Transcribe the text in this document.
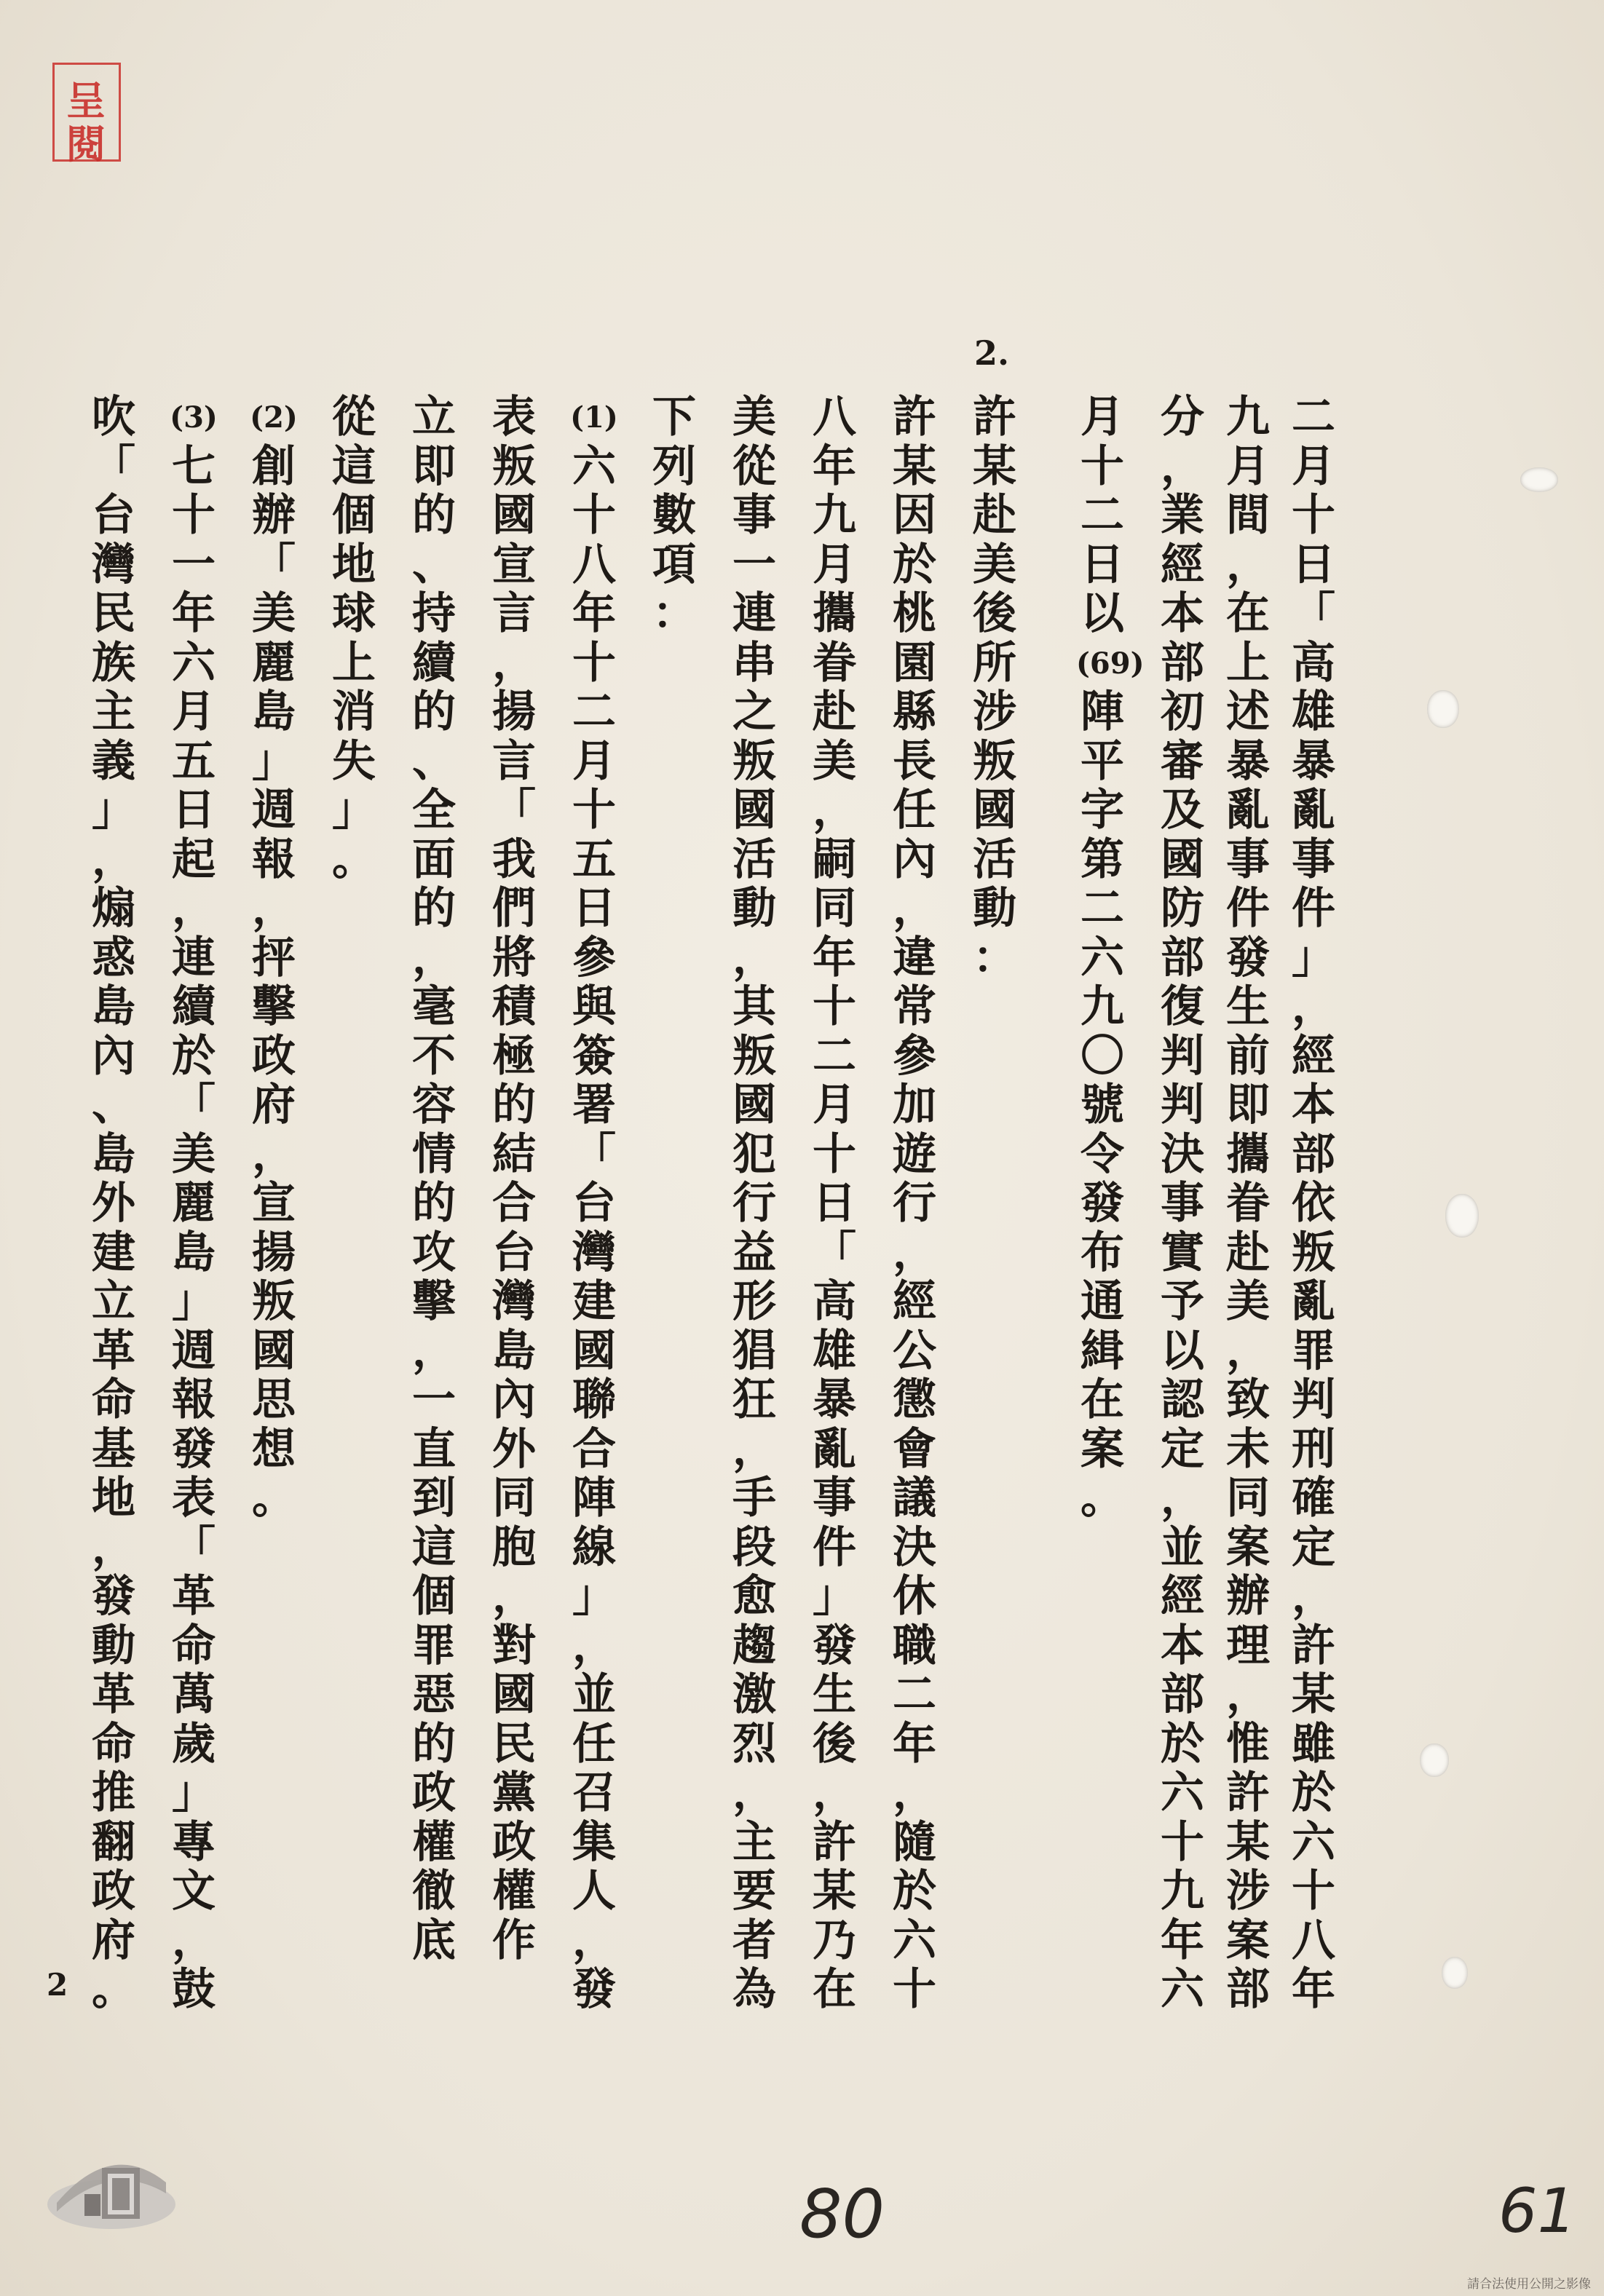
呈
閱
2.
二
月
十
日
「
高
雄
暴
亂
事
件
」
，
經
本
部
依
叛
亂
罪
判
刑
確
定
，
許
某
雖
於
六
十
八
年
九
月
間
，
在
上
述
暴
亂
事
件
發
生
前
即
攜
眷
赴
美
，
致
未
同
案
辦
理
，
惟
許
某
涉
案
部
分
，
業
經
本
部
初
審
及
國
防
部
復
判
判
決
事
實
予
以
認
定
，
並
經
本
部
於
六
十
九
年
六
月
十
二
日
以
(69)
陣
平
字
第
二
六
九
〇
號
令
發
布
通
緝
在
案
。
許
某
赴
美
後
所
涉
叛
國
活
動
：
許
某
因
於
桃
園
縣
長
任
內
，
違
常
參
加
遊
行
，
經
公
懲
會
議
決
休
職
二
年
，
隨
於
六
十
八
年
九
月
攜
眷
赴
美
，
嗣
同
年
十
二
月
十
日
「
高
雄
暴
亂
事
件
」
發
生
後
，
許
某
乃
在
美
從
事
一
連
串
之
叛
國
活
動
，
其
叛
國
犯
行
益
形
猖
狂
，
手
段
愈
趨
激
烈
，
主
要
者
為
下
列
數
項
：
(1)
六
十
八
年
十
二
月
十
五
日
參
與
簽
署
「
台
灣
建
國
聯
合
陣
線
」
，
並
任
召
集
人
，
發
表
叛
國
宣
言
，
揚
言
「
我
們
將
積
極
的
結
合
台
灣
島
內
外
同
胞
，
對
國
民
黨
政
權
作
立
即
的
、
持
續
的
、
全
面
的
，
毫
不
容
情
的
攻
擊
，
一
直
到
這
個
罪
惡
的
政
權
徹
底
從
這
個
地
球
上
消
失
」
。
(2)
創
辦
「
美
麗
島
」
週
報
，
抨
擊
政
府
，
宣
揚
叛
國
思
想
。
(3)
七
十
一
年
六
月
五
日
起
，
連
續
於
「
美
麗
島
」
週
報
發
表
「
革
命
萬
歲
」
專
文
，
鼓
吹
「
台
灣
民
族
主
義
」
，
煽
惑
島
內
、
島
外
建
立
革
命
基
地
，
發
動
革
命
推
翻
政
府
。
2
80	61
請合法使用公開之影像
